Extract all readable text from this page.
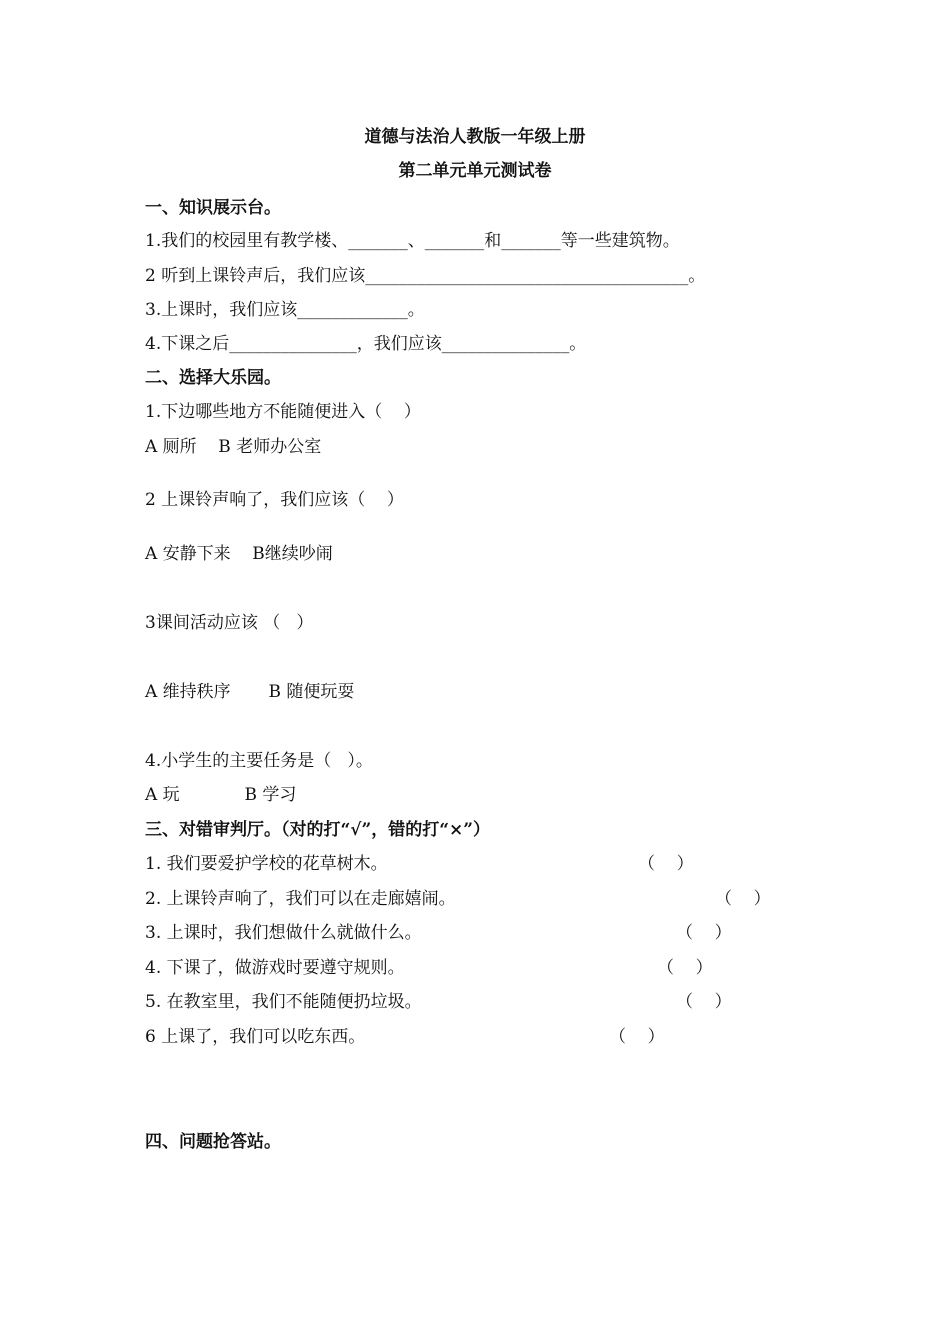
道德与法治人教版一年级上册
第二单元单元测试卷
一、知识展示台。
1.我们的校园里有教学楼、_______、_______和_______等一些建筑物。
2 听到上课铃声后，我们应该______________________________________。
3.上课时，我们应该_____________。
4.下课之后_______________，我们应该_______________。
二、选择大乐园。
1.下边哪些地方不能随便进入（    ）
A 厕所    B 老师办公室
2 上课铃声响了，我们应该（    ）
A 安静下来    B继续吵闹
3课间活动应该 （   ）
A 维持秩序       B 随便玩耍
4.小学生的主要任务是（   ）。
A 玩            B 学习
三、对错审判厅。（对的打“√”，错的打“×”）
1. 我们要爱护学校的花草树木。	（    ）
2. 上课铃声响了，我们可以在走廊嬉闹。	（    ）
3. 上课时，我们想做什么就做什么。	（    ）
4. 下课了，做游戏时要遵守规则。	（    ）
5. 在教室里，我们不能随便扔垃圾。	（    ）
6 上课了，我们可以吃东西。	（    ）
四、问题抢答站。
